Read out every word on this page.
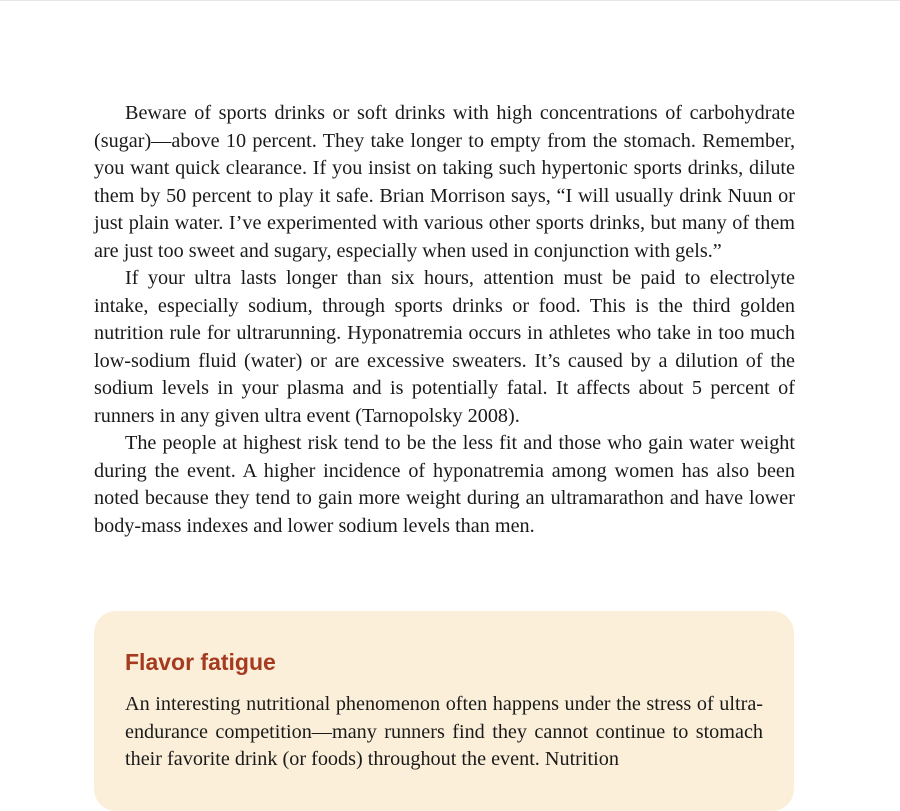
Beware of sports drinks or soft drinks with high concentrations of carbohydrate (sugar)—above 10 percent. They take longer to empty from the stomach. Remember, you want quick clearance. If you insist on taking such hypertonic sports drinks, dilute them by 50 percent to play it safe. Brian Morrison says, “I will usually drink Nuun or just plain water. I’ve experimented with various other sports drinks, but many of them are just too sweet and sugary, especially when used in conjunction with gels.”

If your ultra lasts longer than six hours, attention must be paid to electrolyte intake, especially sodium, through sports drinks or food. This is the third golden nutrition rule for ultrarunning. Hyponatremia occurs in athletes who take in too much low-sodium fluid (water) or are excessive sweaters. It’s caused by a dilution of the sodium levels in your plasma and is potentially fatal. It affects about 5 percent of runners in any given ultra event (Tarnopolsky 2008).

The people at highest risk tend to be the less fit and those who gain water weight during the event. A higher incidence of hyponatremia among women has also been noted because they tend to gain more weight during an ultramarathon and have lower body-mass indexes and lower sodium levels than men.

Flavor fatigue

An interesting nutritional phenomenon often happens under the stress of ultra-endurance competition—many runners find they cannot continue to stomach their favorite drink (or foods) throughout the event. Nutrition
